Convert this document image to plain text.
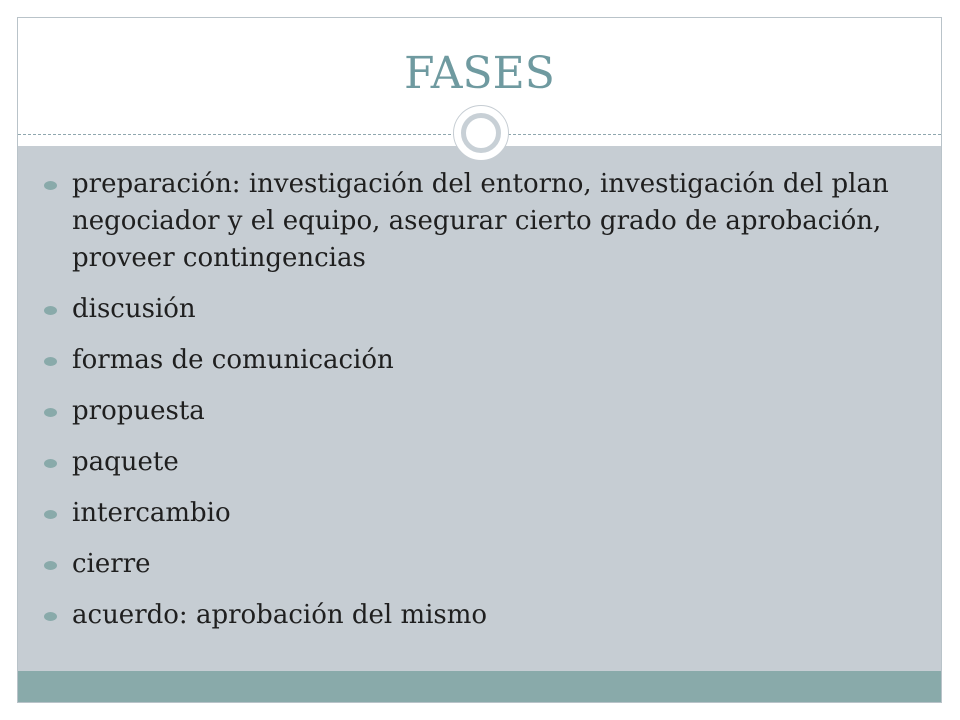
FASES
preparación: investigación del entorno, investigación del plan negociador y el equipo, asegurar cierto grado de aprobación, proveer contingencias
discusión
formas de comunicación
propuesta
paquete
intercambio
cierre
acuerdo: aprobación del mismo
